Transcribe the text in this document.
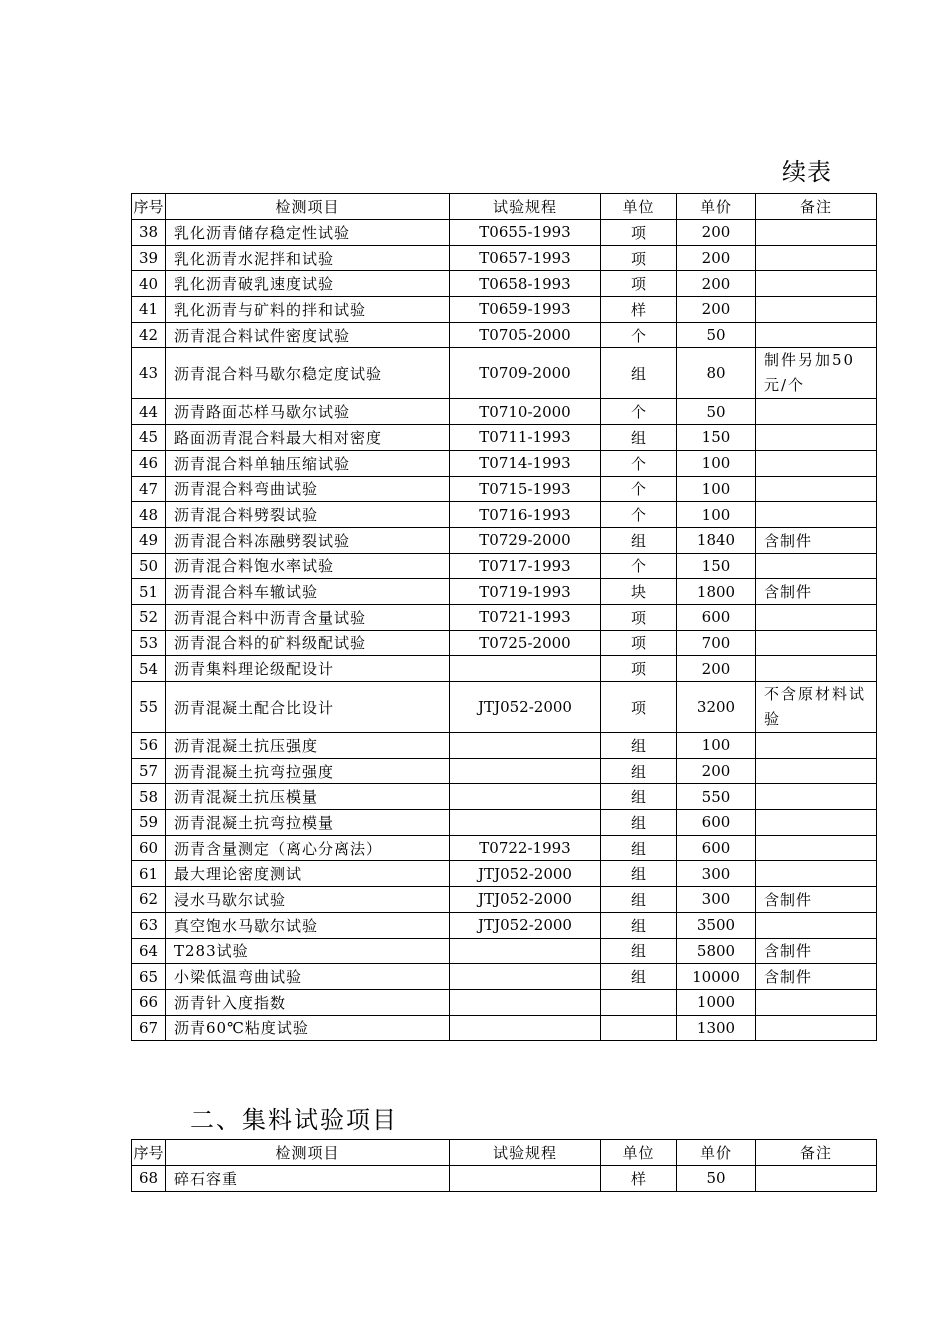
续表
序号	检测项目	试验规程	单位	单价	备注
38	乳化沥青储存稳定性试验	T0655-1993	项	200	
39	乳化沥青水泥拌和试验	T0657-1993	项	200	
40	乳化沥青破乳速度试验	T0658-1993	项	200	
41	乳化沥青与矿料的拌和试验	T0659-1993	样	200	
42	沥青混合料试件密度试验	T0705-2000	个	50	
43	沥青混合料马歇尔稳定度试验	T0709-2000	组	80	制件另加50元/个
44	沥青路面芯样马歇尔试验	T0710-2000	个	50	
45	路面沥青混合料最大相对密度	T0711-1993	组	150	
46	沥青混合料单轴压缩试验	T0714-1993	个	100	
47	沥青混合料弯曲试验	T0715-1993	个	100	
48	沥青混合料劈裂试验	T0716-1993	个	100	
49	沥青混合料冻融劈裂试验	T0729-2000	组	1840	含制件
50	沥青混合料饱水率试验	T0717-1993	个	150	
51	沥青混合料车辙试验	T0719-1993	块	1800	含制件
52	沥青混合料中沥青含量试验	T0721-1993	项	600	
53	沥青混合料的矿料级配试验	T0725-2000	项	700	
54	沥青集料理论级配设计		项	200	
55	沥青混凝土配合比设计	JTJ052-2000	项	3200	不含原材料试验
56	沥青混凝土抗压强度		组	100	
57	沥青混凝土抗弯拉强度		组	200	
58	沥青混凝土抗压模量		组	550	
59	沥青混凝土抗弯拉模量		组	600	
60	沥青含量测定（离心分离法）	T0722-1993	组	600	
61	最大理论密度测试	JTJ052-2000	组	300	
62	浸水马歇尔试验	JTJ052-2000	组	300	含制件
63	真空饱水马歇尔试验	JTJ052-2000	组	3500	
64	T283试验		组	5800	含制件
65	小梁低温弯曲试验		组	10000	含制件
66	沥青针入度指数			1000	
67	沥青60℃粘度试验			1300	
二、集料试验项目
序号	检测项目	试验规程	单位	单价	备注
68	碎石容重		样	50	
